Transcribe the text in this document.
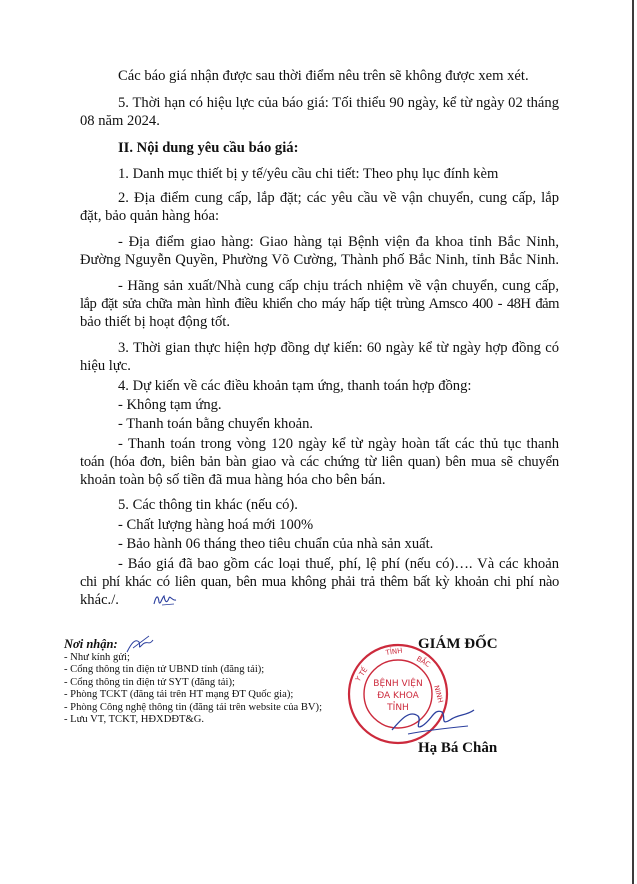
Các báo giá nhận được sau thời điểm nêu trên sẽ không được xem xét.
5. Thời hạn có hiệu lực của báo giá: Tối thiểu 90 ngày, kể từ ngày 02 tháng
08 năm 2024.
II. Nội dung yêu cầu báo giá:
1. Danh mục thiết bị y tế/yêu cầu chi tiết: Theo phụ lục đính kèm
2. Địa điểm cung cấp, lắp đặt; các yêu cầu về vận chuyển, cung cấp, lắp
đặt, bảo quản hàng hóa:
- Địa điểm giao hàng: Giao hàng tại Bệnh viện đa khoa tỉnh Bắc Ninh,
Đường Nguyễn Quyền, Phường Võ Cường, Thành phố Bắc Ninh, tỉnh Bắc Ninh.
- Hãng sản xuất/Nhà cung cấp chịu trách nhiệm về vận chuyển, cung cấp,
lắp đặt sửa chữa màn hình điều khiển cho máy hấp tiệt trùng Amsco 400 - 48H đảm
bảo thiết bị hoạt động tốt.
3. Thời gian thực hiện hợp đồng dự kiến: 60 ngày kể từ ngày hợp đồng có
hiệu lực.
4. Dự kiến về các điều khoản tạm ứng, thanh toán hợp đồng:
- Không tạm ứng.
- Thanh toán bằng chuyển khoản.
- Thanh toán trong vòng 120 ngày kể từ ngày hoàn tất các thủ tục thanh
toán (hóa đơn, biên bản bàn giao và các chứng từ liên quan) bên mua sẽ chuyển
khoản toàn bộ số tiền đã mua hàng hóa cho bên bán.
5. Các thông tin khác (nếu có).
- Chất lượng hàng hoá mới 100%
- Bảo hành 06 tháng theo tiêu chuẩn của nhà sản xuất.
- Báo giá đã bao gồm các loại thuế, phí, lệ phí (nếu có)…. Và các khoản
chi phí khác có liên quan, bên mua không phải trả thêm bất kỳ khoản chi phí nào
khác./.
Nơi nhận:
- Như kính gửi;
- Cổng thông tin điện tử UBND tỉnh (đăng tải);
- Cổng thông tin điện tử SYT (đăng tải);
- Phòng TCKT (đăng tải trên HT mạng ĐT Quốc gia);
- Phòng Công nghệ thông tin (đăng tải trên website của BV);
- Lưu VT, TCKT, HĐXDĐT&G.
GIÁM ĐỐC
Y TẾ
TỈNH
BẮC
NINH
BỆNH VIỆN
ĐA KHOA
TỈNH
Hạ Bá Chân
